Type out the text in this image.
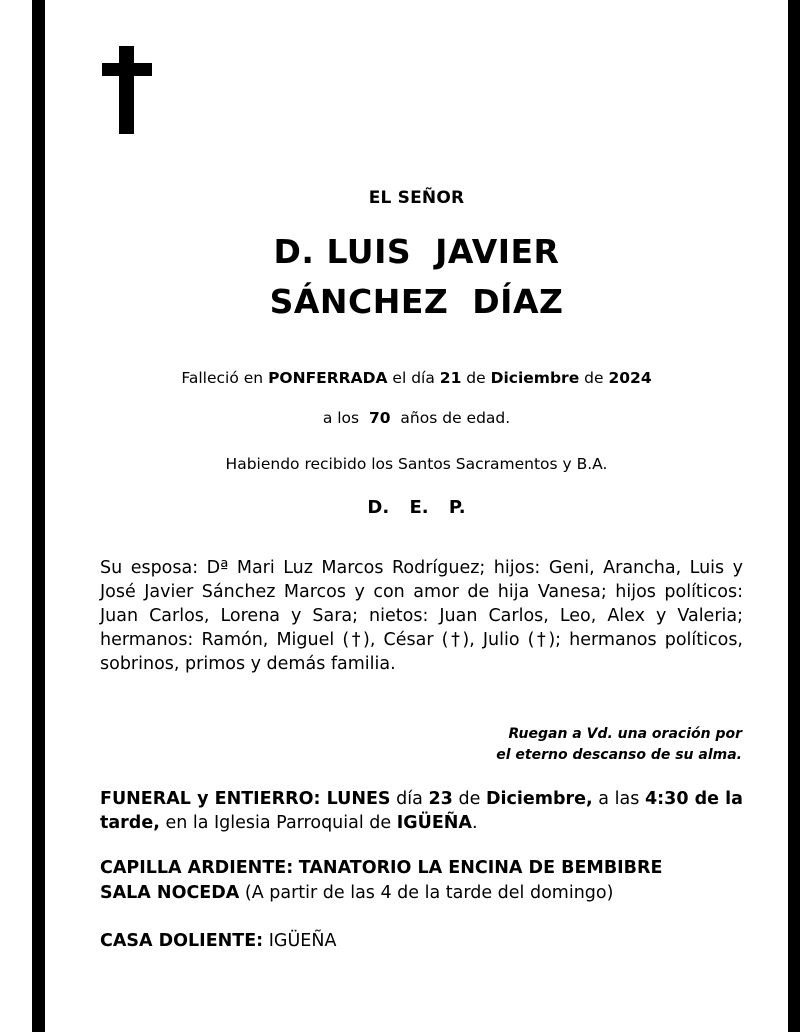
EL SEÑOR
D. LUIS  JAVIER
SÁNCHEZ  DÍAZ
Falleció en PONFERRADA el día 21 de Diciembre de 2024
a los 70 años de edad.
Habiendo recibido los Santos Sacramentos y B.A.
D. E. P.
Su esposa: Dª Mari Luz Marcos Rodríguez; hijos: Geni, Arancha, Luis y José Javier Sánchez Marcos y con amor de hija Vanesa; hijos políticos: Juan Carlos, Lorena y Sara; nietos: Juan Carlos, Leo, Alex y Valeria; hermanos: Ramón, Miguel (†), César (†), Julio (†); hermanos políticos, sobrinos, primos y demás familia.
Ruegan a Vd. una oración por
el eterno descanso de su alma.
FUNERAL y ENTIERRO: LUNES día 23 de Diciembre, a las 4:30 de la tarde, en la Iglesia Parroquial de IGÜEÑA.
CAPILLA ARDIENTE: TANATORIO LA ENCINA DE BEMBIBRE
SALA NOCEDA (A partir de las 4 de la tarde del domingo)
CASA DOLIENTE: IGÜEÑA
